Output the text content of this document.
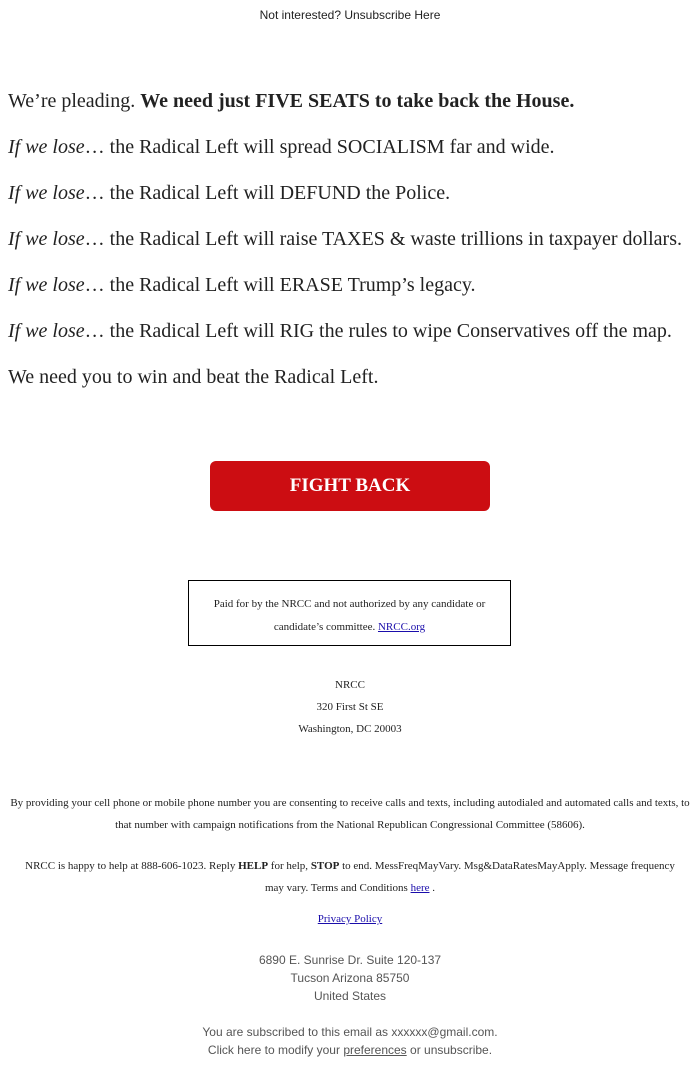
Not interested? Unsubscribe Here

We’re pleading. We need just FIVE SEATS to take back the House.

If we lose… the Radical Left will spread SOCIALISM far and wide.

If we lose… the Radical Left will DEFUND the Police.

If we lose… the Radical Left will raise TAXES & waste trillions in taxpayer dollars.

If we lose… the Radical Left will ERASE Trump’s legacy.

If we lose… the Radical Left will RIG the rules to wipe Conservatives off the map.

We need you to win and beat the Radical Left.

FIGHT BACK
Paid for by the NRCC and not authorized by any candidate or candidate’s committee. NRCC.org
NRCC
320 First St SE
Washington, DC 20003
By providing your cell phone or mobile phone number you are consenting to receive calls and texts, including autodialed and automated calls and texts, to that number with campaign notifications from the National Republican Congressional Committee (58606).
NRCC is happy to help at 888-606-1023. Reply HELP for help, STOP to end. MessFreqMayVary. Msg&DataRatesMayApply. Message frequency may vary. Terms and Conditions here .
Privacy Policy
6890 E. Sunrise Dr. Suite 120-137
Tucson Arizona 85750
United States
You are subscribed to this email as xxxxxx@gmail.com.
Click here to modify your preferences or unsubscribe.
